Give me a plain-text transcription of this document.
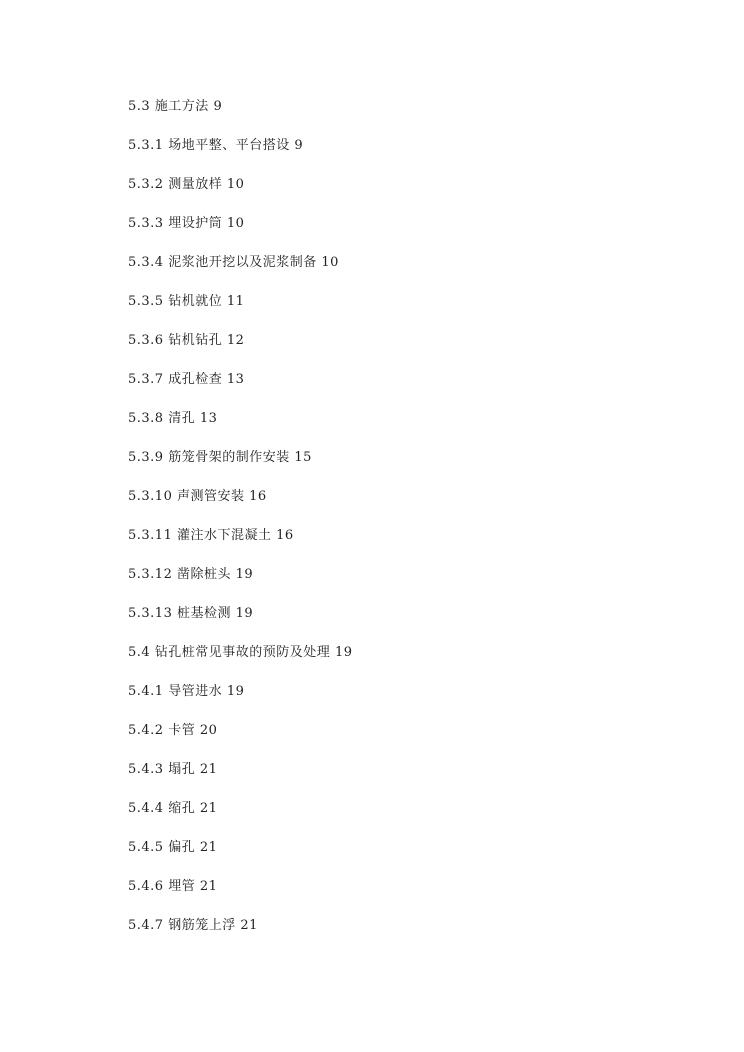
5.3 施工方法 9
5.3.1 场地平整、平台搭设 9
5.3.2 测量放样 10
5.3.3 埋设护筒 10
5.3.4 泥浆池开挖以及泥浆制备 10
5.3.5 钻机就位 11
5.3.6 钻机钻孔 12
5.3.7 成孔检查 13
5.3.8 清孔 13
5.3.9 筋笼骨架的制作安装 15
5.3.10 声测管安装 16
5.3.11 灌注水下混凝土 16
5.3.12 凿除桩头 19
5.3.13 桩基检测 19
5.4 钻孔桩常见事故的预防及处理 19
5.4.1 导管进水 19
5.4.2 卡管 20
5.4.3 塌孔 21
5.4.4 缩孔 21
5.4.5 偏孔 21
5.4.6 埋管 21
5.4.7 钢筋笼上浮 21
